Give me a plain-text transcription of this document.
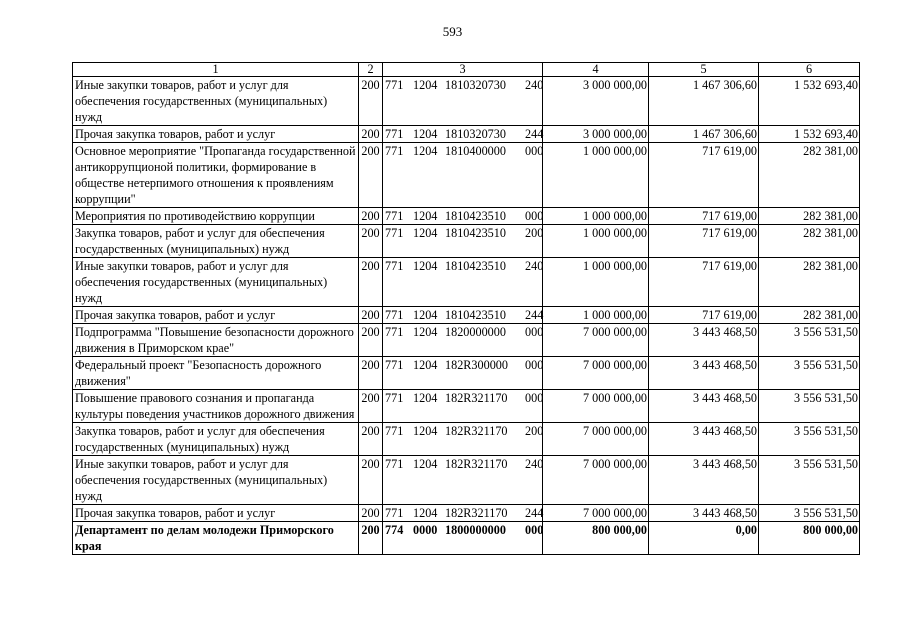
593
1	2	3	4	5	6
Иные закупки товаров, работ и услуг для обеспечения государственных (муниципальных) нужд	200	771 1204 1810320730 240	3 000 000,00	1 467 306,60	1 532 693,40
Прочая закупка товаров, работ и услуг	200	771 1204 1810320730 244	3 000 000,00	1 467 306,60	1 532 693,40
Основное мероприятие "Пропаганда государственной антикоррупционой политики, формирование в обществе нетерпимого отношения к проявлениям коррупции"	200	771 1204 1810400000 000	1 000 000,00	717 619,00	282 381,00
Мероприятия по противодействию коррупции	200	771 1204 1810423510 000	1 000 000,00	717 619,00	282 381,00
Закупка товаров, работ и услуг для обеспечения государственных (муниципальных) нужд	200	771 1204 1810423510 200	1 000 000,00	717 619,00	282 381,00
Иные закупки товаров, работ и услуг для обеспечения государственных (муниципальных) нужд	200	771 1204 1810423510 240	1 000 000,00	717 619,00	282 381,00
Прочая закупка товаров, работ и услуг	200	771 1204 1810423510 244	1 000 000,00	717 619,00	282 381,00
Подпрограмма "Повышение безопасности дорожного движения в Приморском крае"	200	771 1204 1820000000 000	7 000 000,00	3 443 468,50	3 556 531,50
Федеральный проект "Безопасность дорожного движения"	200	771 1204 182R300000 000	7 000 000,00	3 443 468,50	3 556 531,50
Повышение правового сознания и пропаганда культуры поведения участников дорожного движения	200	771 1204 182R321170 000	7 000 000,00	3 443 468,50	3 556 531,50
Закупка товаров, работ и услуг для обеспечения государственных (муниципальных) нужд	200	771 1204 182R321170 200	7 000 000,00	3 443 468,50	3 556 531,50
Иные закупки товаров, работ и услуг для обеспечения государственных (муниципальных) нужд	200	771 1204 182R321170 240	7 000 000,00	3 443 468,50	3 556 531,50
Прочая закупка товаров, работ и услуг	200	771 1204 182R321170 244	7 000 000,00	3 443 468,50	3 556 531,50
Департамент по делам молодежи Приморского края	200	774 0000 1800000000 000	800 000,00	0,00	800 000,00
